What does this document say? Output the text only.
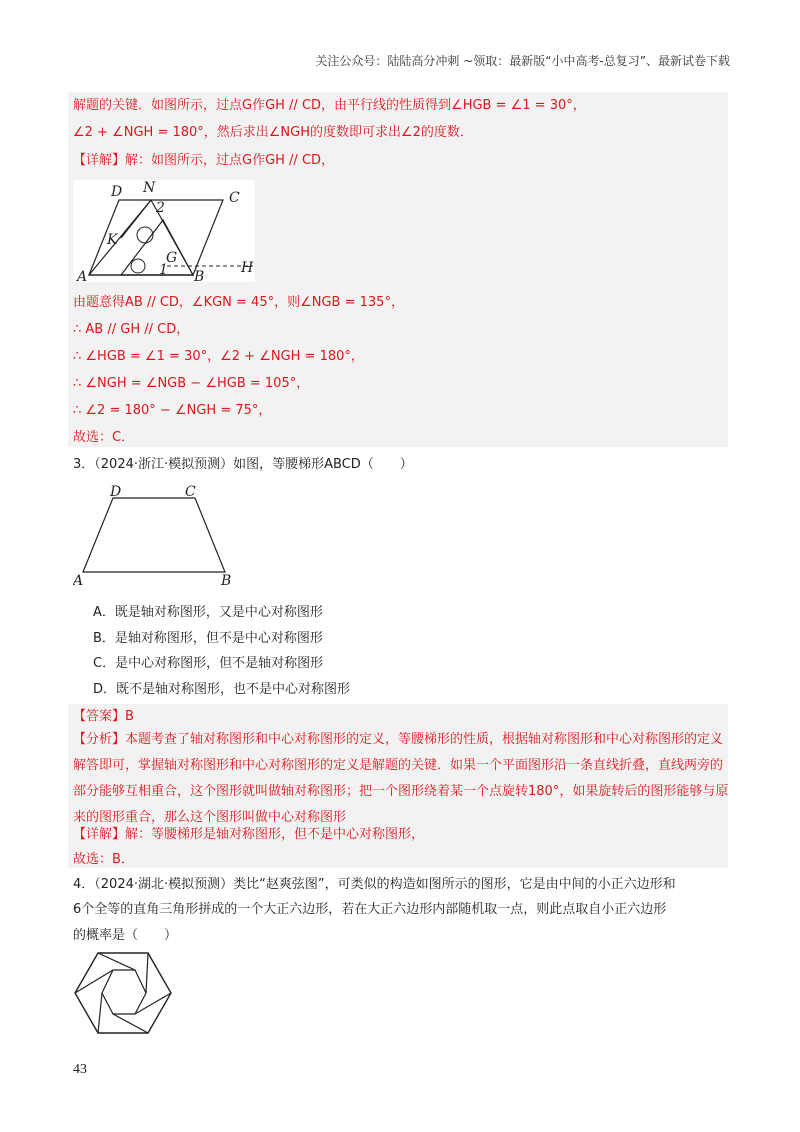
关注公众号：陆陆高分冲刺 ~领取：最新版“小中高考-总复习”、最新试卷下载
解题的关键．如图所示，过点G作GH // CD，由平行线的性质得到∠HGB = ∠1 = 30°，
∠2 + ∠NGH = 180°，然后求出∠NGH的度数即可求出∠2的度数．
【详解】解：如图所示，过点G作GH // CD，
D N
C
2
K
G
A	1 B
H
由题意得AB // CD，∠KGN = 45°，则∠NGB = 135°，
∴ AB // GH // CD，
∴ ∠HGB = ∠1 = 30°，∠2 + ∠NGH = 180°，
∴ ∠NGH = ∠NGB − ∠HGB = 105°，
∴ ∠2 = 180° − ∠NGH = 75°，
故选：C．
3．（2024·浙江·模拟预测）如图，等腰梯形ABCD（　　）
D	C
A	B
A．既是轴对称图形，又是中心对称图形
B．是轴对称图形，但不是中心对称图形
C．是中心对称图形，但不是轴对称图形
D．既不是轴对称图形，也不是中心对称图形
【答案】B
【分析】本题考查了轴对称图形和中心对称图形的定义，等腰梯形的性质，根据轴对称图形和中心对称图形的定义解答即可，掌握轴对称图形和中心对称图形的定义是解题的关键．如果一个平面图形沿一条直线折叠，直线两旁的部分能够互相重合，这个图形就叫做轴对称图形；把一个图形绕着某一个点旋转180°，如果旋转后的图形能够与原来的图形重合，那么这个图形叫做中心对称图形
【详解】解：等腰梯形是轴对称图形，但不是中心对称图形，
故选：B．
4．（2024·湖北·模拟预测）类比“赵爽弦图”，可类似的构造如图所示的图形，它是由中间的小正六边形和
6个全等的直角三角形拼成的一个大正六边形，若在大正六边形内部随机取一点，则此点取自小正六边形
的概率是（　　）
43
